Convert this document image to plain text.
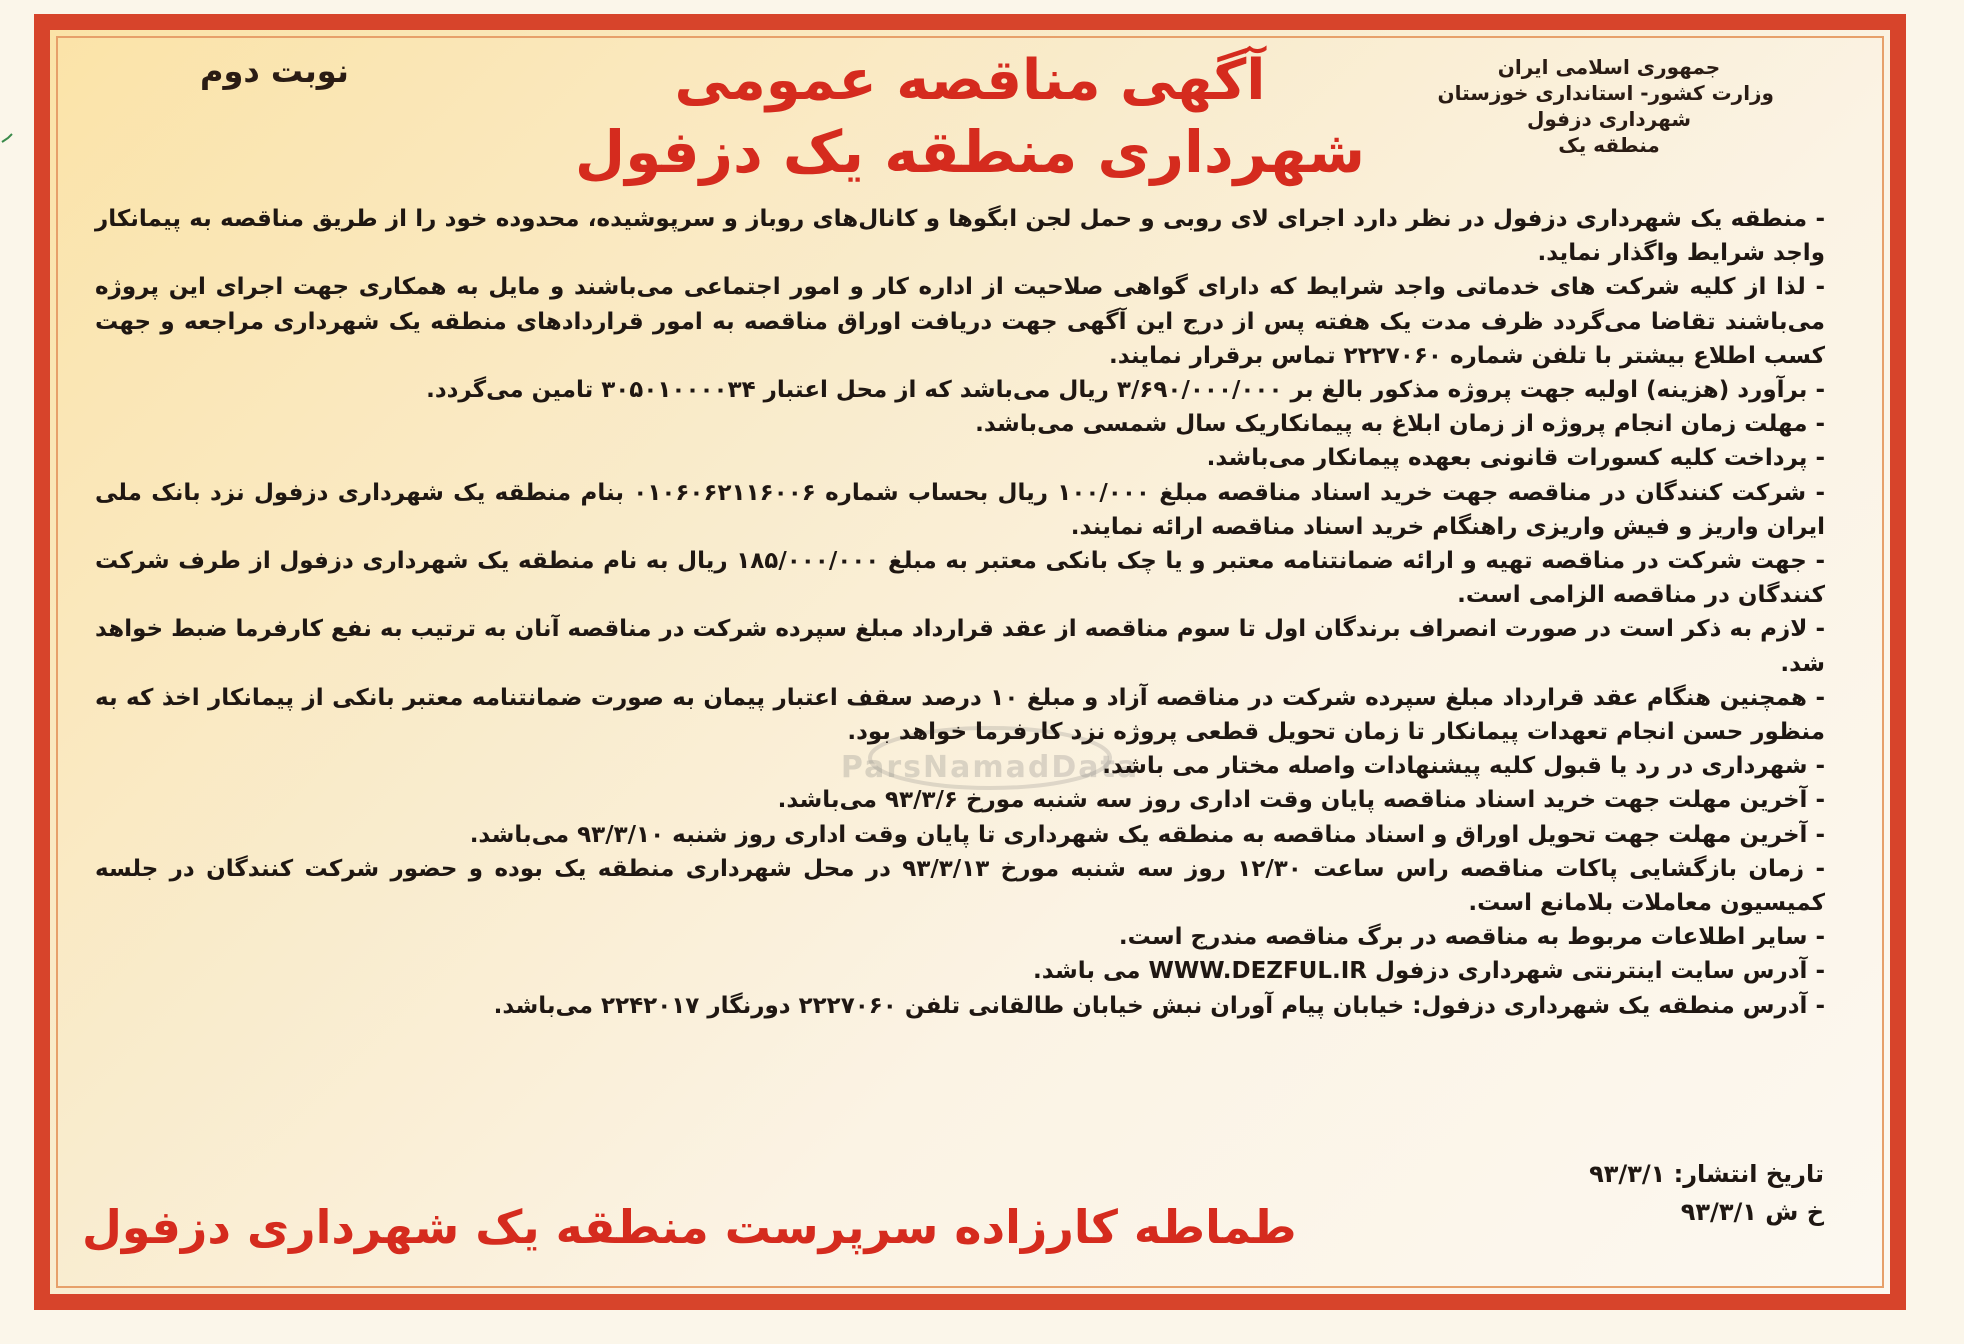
نوبت دوم	جمهوری اسلامی ایران
وزارت کشور- استانداری خوزستان
شهرداری دزفول
منطقه یک
آگهی مناقصه عمومی
شهرداری منطقه یک دزفول
ParsNamadData

- منطقه یک شهرداری دزفول در نظر دارد اجرای لای روبی و حمل لجن ابگوها و کانال‌های روباز و سرپوشیده، محدوده خود را از طریق مناقصه به پیمانکار واجد شرایط واگذار نماید.

- لذا از کلیه شرکت های خدماتی واجد شرایط که دارای گواهی صلاحیت از اداره کار و امور اجتماعی می‌باشند و مایل به همکاری جهت اجرای این پروژه می‌باشند تقاضا می‌گردد ظرف مدت یک هفته پس از درج این آگهی جهت دریافت اوراق مناقصه به امور قراردادهای منطقه یک شهرداری مراجعه و جهت کسب اطلاع بیشتر با تلفن شماره ۲۲۲۷۰۶۰ تماس برقرار نمایند.

- برآورد (هزینه) اولیه جهت پروژه مذکور بالغ بر ۳/۶۹۰/۰۰۰/۰۰۰ ریال می‌باشد که از محل اعتبار ۳۰۵۰۱۰۰۰۰۳۴ تامین می‌گردد.

- مهلت زمان انجام پروژه از زمان ابلاغ به پیمانکاریک سال شمسی می‌باشد.

- پرداخت کلیه کسورات قانونی بعهده پیمانکار می‌باشد.

- شرکت کنندگان در مناقصه جهت خرید اسناد مناقصه مبلغ ۱۰۰/۰۰۰ ریال بحساب شماره ۰۱۰۶۰۶۲۱۱۶۰۰۶ بنام منطقه یک شهرداری دزفول نزد بانک ملی ایران واریز و فیش واریزی راهنگام خرید اسناد مناقصه ارائه نمایند.

- جهت شرکت در مناقصه تهیه و ارائه ضمانتنامه معتبر و یا چک بانکی معتبر به مبلغ ۱۸۵/۰۰۰/۰۰۰ ریال به نام منطقه یک شهرداری دزفول از طرف شرکت کنندگان در مناقصه الزامی است.

- لازم به ذکر است در صورت انصراف برندگان اول تا سوم مناقصه از عقد قرارداد مبلغ سپرده شرکت در مناقصه آنان به ترتیب به نفع کارفرما ضبط خواهد شد.

- همچنین هنگام عقد قرارداد مبلغ سپرده شرکت در مناقصه آزاد و مبلغ ۱۰ درصد سقف اعتبار پیمان به صورت ضمانتنامه معتبر بانکی از پیمانکار اخذ که به منظور حسن انجام تعهدات پیمانکار تا زمان تحویل قطعی پروژه نزد کارفرما خواهد بود.

- شهرداری در رد یا قبول کلیه پیشنهادات واصله مختار می باشد.

- آخرین مهلت جهت خرید اسناد مناقصه پایان وقت اداری روز سه شنبه مورخ ۹۳/۳/۶ می‌باشد.

- آخرین مهلت جهت تحویل اوراق و اسناد مناقصه به منطقه یک شهرداری تا پایان وقت اداری روز شنبه ۹۳/۳/۱۰ می‌باشد.

- زمان بازگشایی پاکات مناقصه راس ساعت ۱۲/۳۰ روز سه شنبه مورخ ۹۳/۳/۱۳ در محل شهرداری منطقه یک بوده و حضور شرکت کنندگان در جلسه کمیسیون معاملات بلامانع است.

- سایر اطلاعات مربوط به مناقصه در برگ مناقصه مندرج است.

- آدرس سایت اینترنتی شهرداری دزفول WWW.DEZFUL.IR می باشد.

- آدرس منطقه یک شهرداری دزفول: خیابان پیام آوران نبش خیابان طالقانی تلفن ۲۲۲۷۰۶۰ دورنگار ۲۲۴۲۰۱۷ می‌باشد.

تاریخ انتشار: ۹۳/۳/۱
خ ش ۹۳/۳/۱
طماطه کارزاده سرپرست منطقه یک شهرداری دزفول
